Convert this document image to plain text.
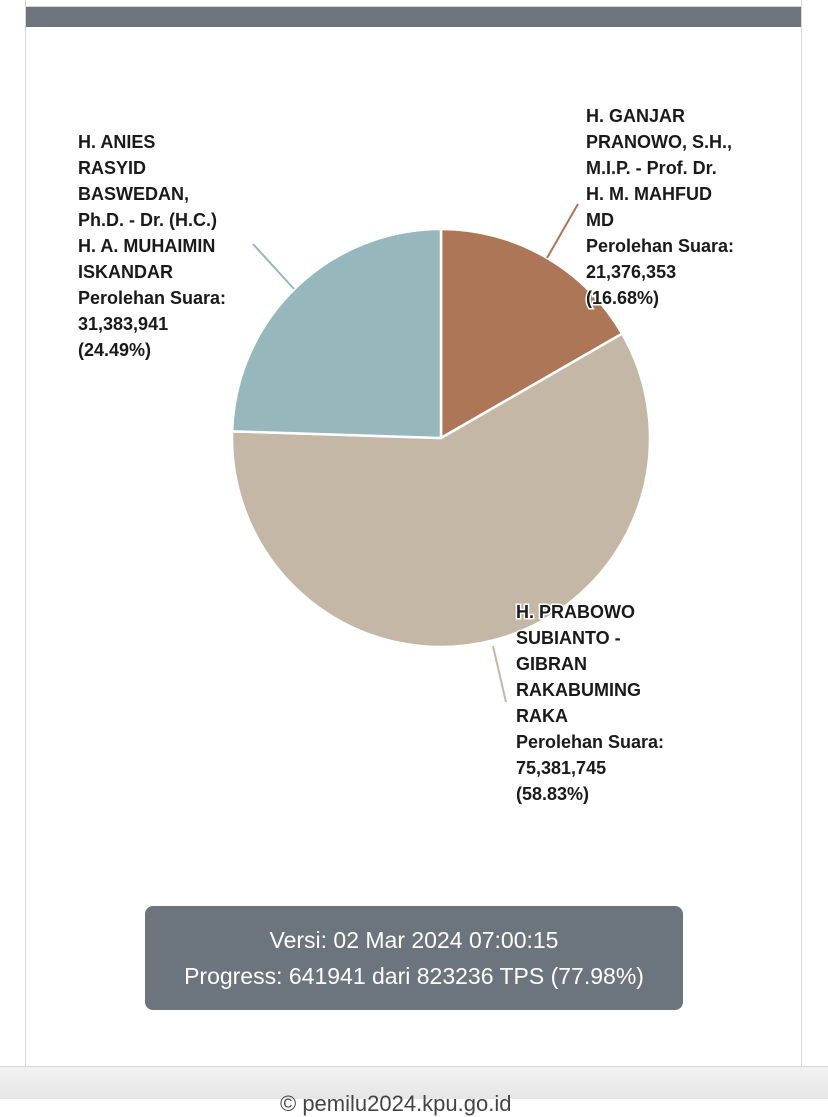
H. GANJAR PRANOWO, S.H., M.I.P. - Prof. Dr. H. M. MAHFUD MD Perolehan Suara: 21,376,353 (16.68%)
H. PRABOWO SUBIANTO -GIBRAN RAKABUMING RAKA Perolehan Suara: 75,381,745 (58.83%)
H. ANIES RASYID BASWEDAN, Ph.D. - Dr. (H.C.) H. A. MUHAIMIN ISKANDAR Perolehan Suara: 31,383,941 (24.49%)
Versi: 02 Mar 2024 07:00:15
Progress: 641941 dari 823236 TPS (77.98%)
© pemilu2024.kpu.go.id
